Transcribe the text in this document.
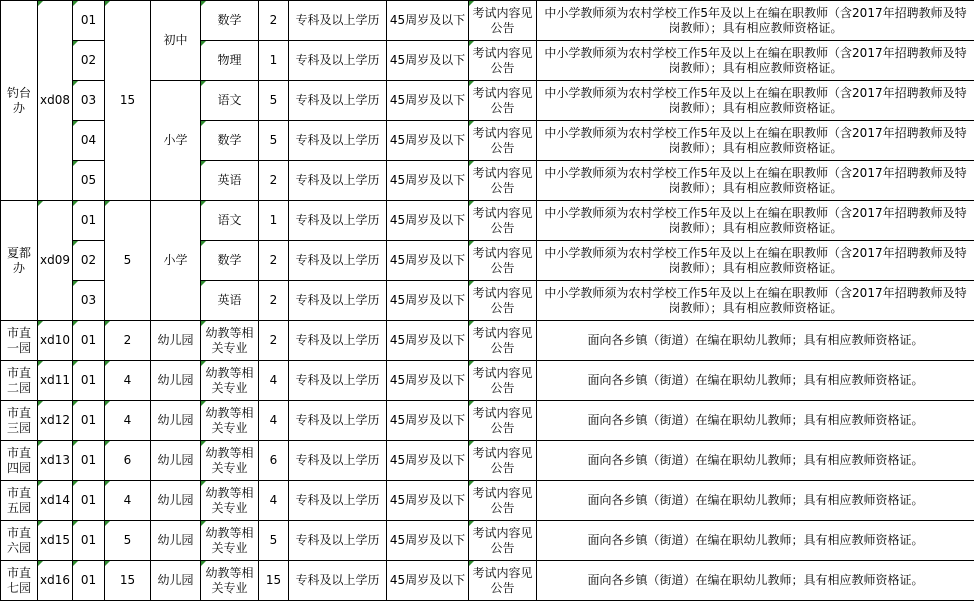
钓台办	xd08	01	15	初中	数学	2	专科及以上学历	45周岁及以下	考试内容见公告	中小学教师须为农村学校工作5年及以上在编在职教师（含2017年招聘教师及特岗教师）；具有相应教师资格证。
		02			物理	1	专科及以上学历	45周岁及以下	考试内容见公告	中小学教师须为农村学校工作5年及以上在编在职教师（含2017年招聘教师及特岗教师）；具有相应教师资格证。
		03		小学	语文	5	专科及以上学历	45周岁及以下	考试内容见公告	中小学教师须为农村学校工作5年及以上在编在职教师（含2017年招聘教师及特岗教师）；具有相应教师资格证。
		04			数学	5	专科及以上学历	45周岁及以下	考试内容见公告	中小学教师须为农村学校工作5年及以上在编在职教师（含2017年招聘教师及特岗教师）；具有相应教师资格证。
		05			英语	2	专科及以上学历	45周岁及以下	考试内容见公告	中小学教师须为农村学校工作5年及以上在编在职教师（含2017年招聘教师及特岗教师）；具有相应教师资格证。
夏都办	xd09	01	5	小学	语文	1	专科及以上学历	45周岁及以下	考试内容见公告	中小学教师须为农村学校工作5年及以上在编在职教师（含2017年招聘教师及特岗教师）；具有相应教师资格证。
		02			数学	2	专科及以上学历	45周岁及以下	考试内容见公告	中小学教师须为农村学校工作5年及以上在编在职教师（含2017年招聘教师及特岗教师）；具有相应教师资格证。
		03			英语	2	专科及以上学历	45周岁及以下	考试内容见公告	中小学教师须为农村学校工作5年及以上在编在职教师（含2017年招聘教师及特岗教师）；具有相应教师资格证。
市直一园	xd10	01	2	幼儿园	幼教等相关专业	2	专科及以上学历	45周岁及以下	考试内容见公告	面向各乡镇（街道）在编在职幼儿教师；具有相应教师资格证。
市直二园	xd11	01	4	幼儿园	幼教等相关专业	4	专科及以上学历	45周岁及以下	考试内容见公告	面向各乡镇（街道）在编在职幼儿教师；具有相应教师资格证。
市直三园	xd12	01	4	幼儿园	幼教等相关专业	4	专科及以上学历	45周岁及以下	考试内容见公告	面向各乡镇（街道）在编在职幼儿教师；具有相应教师资格证。
市直四园	xd13	01	6	幼儿园	幼教等相关专业	6	专科及以上学历	45周岁及以下	考试内容见公告	面向各乡镇（街道）在编在职幼儿教师；具有相应教师资格证。
市直五园	xd14	01	4	幼儿园	幼教等相关专业	4	专科及以上学历	45周岁及以下	考试内容见公告	面向各乡镇（街道）在编在职幼儿教师；具有相应教师资格证。
市直六园	xd15	01	5	幼儿园	幼教等相关专业	5	专科及以上学历	45周岁及以下	考试内容见公告	面向各乡镇（街道）在编在职幼儿教师；具有相应教师资格证。
市直七园	xd16	01	15	幼儿园	幼教等相关专业	15	专科及以上学历	45周岁及以下	考试内容见公告	面向各乡镇（街道）在编在职幼儿教师；具有相应教师资格证。
